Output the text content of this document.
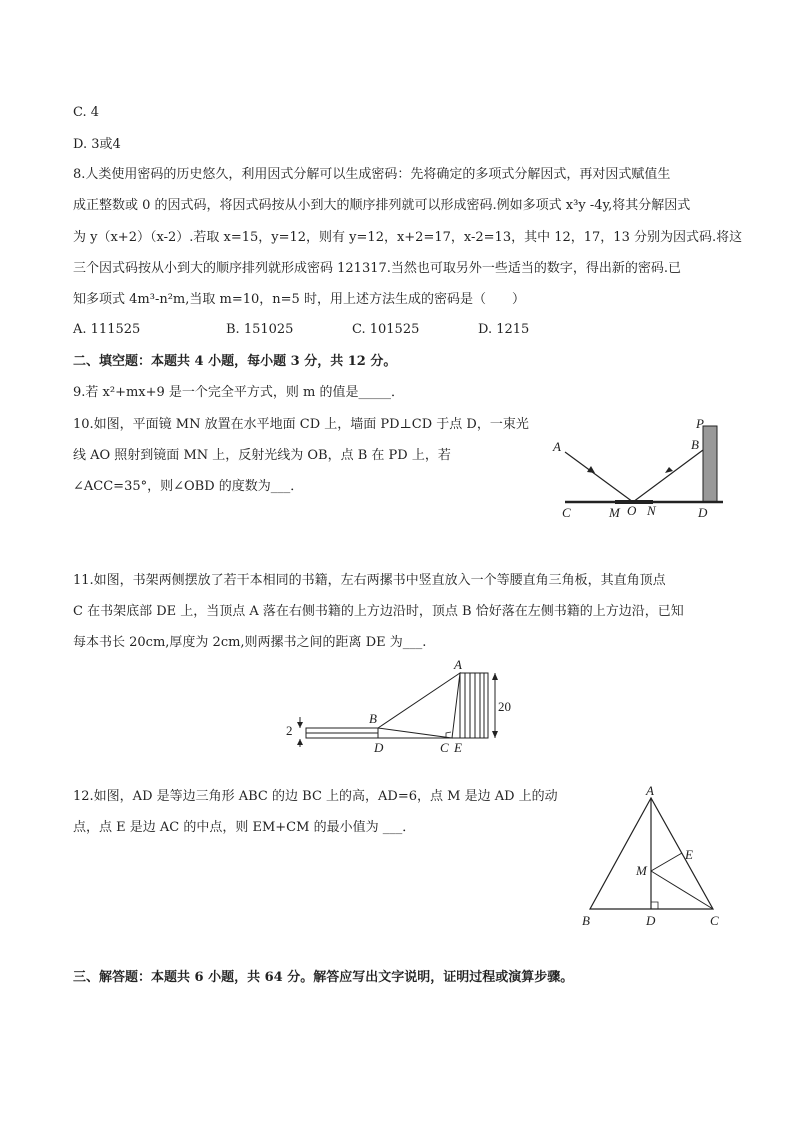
C. 4
D. 3或4
8.人类使用密码的历史悠久，利用因式分解可以生成密码：先将确定的多项式分解因式，再对因式赋值生
成正整数或 0 的因式码，将因式码按从小到大的顺序排列就可以形成密码.例如多项式 x³y -4y,将其分解因式
为 y（x+2）（x-2）.若取 x=15，y=12，则有 y=12，x+2=17，x-2=13，其中 12，17，13 分别为因式码.将这
三个因式码按从小到大的顺序排列就形成密码 121317.当然也可取另外一些适当的数字，得出新的密码.已
知多项式 4m³-n²m,当取 m=10，n=5 时，用上述方法生成的密码是（　　）
A. 111525	B. 151025	C. 101525	D. 1215
二、填空题：本题共 4 小题，每小题 3 分，共 12 分。
9.若 x²+mx+9 是一个完全平方式，则 m 的值是_____．
10.如图，平面镜 MN 放置在水平地面 CD 上，墙面 PD⊥CD 于点 D，一束光
线 AO 照射到镜面 MN 上，反射光线为 OB，点 B 在 PD 上，若
∠ACC=35°，则∠OBD 的度数为___．
A
P
B
C	M O N	D
11.如图，书架两侧摆放了若干本相同的书籍，左右两摞书中竖直放入一个等腰直角三角板，其直角顶点
C 在书架底部 DE 上，当顶点 A 落在右侧书籍的上方边沿时，顶点 B 恰好落在左侧书籍的上方边沿，已知
每本书长 20cm,厚度为 2cm,则两摞书之间的距离 DE 为___.
2
20
A
B
D	C E
12.如图，AD 是等边三角形 ABC 的边 BC 上的高，AD=6，点 M 是边 AD 上的动
点，点 E 是边 AC 的中点，则 EM+CM 的最小值为 ___．
A
E
M
B	D	C
三、解答题：本题共 6 小题，共 64 分。解答应写出文字说明，证明过程或演算步骤。
